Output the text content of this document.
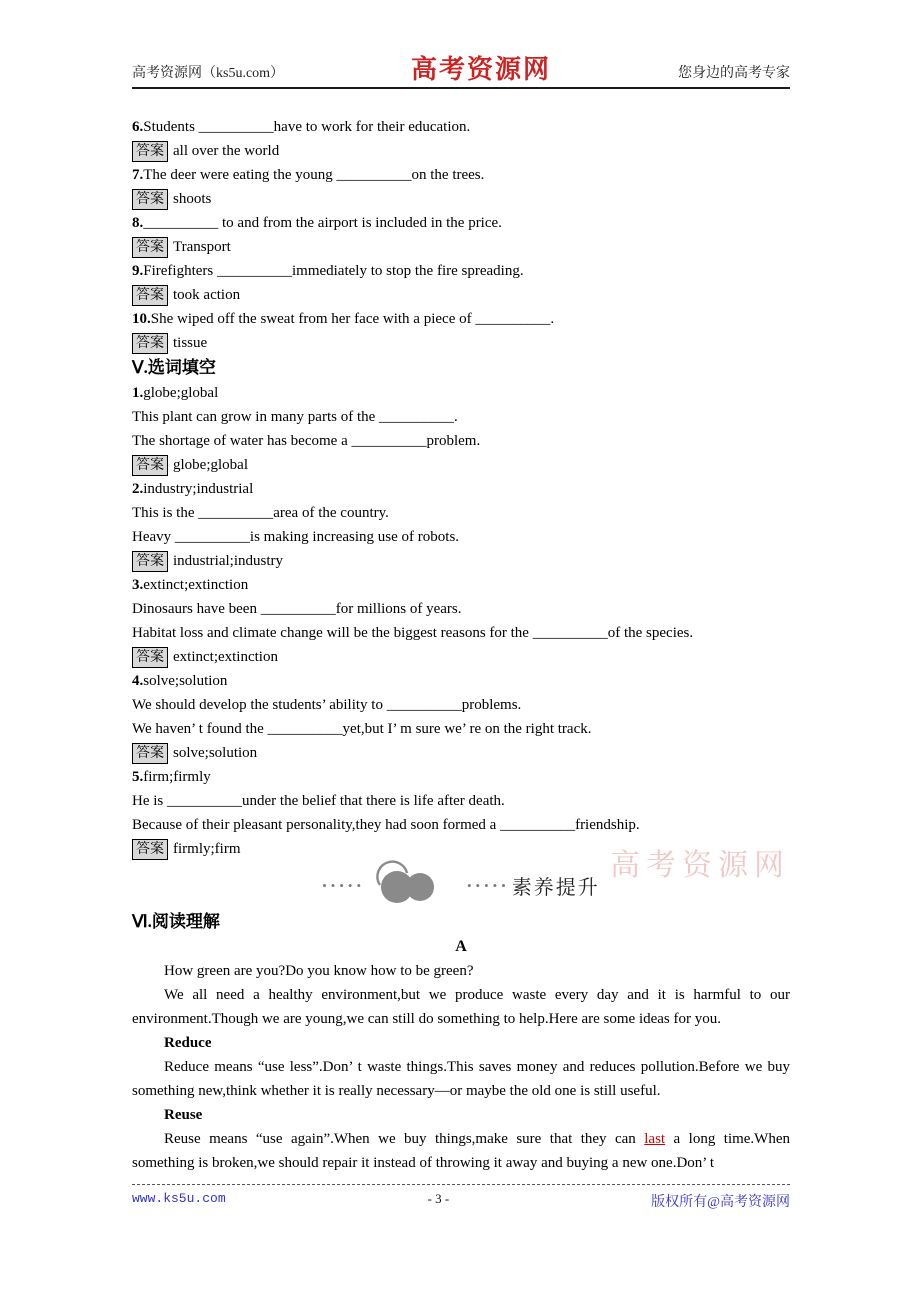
高考资源网（ks5u.com）	高考资源网	您身边的高考专家
6.Students __________have to work for their education.
答案 all over the world
7.The deer were eating the young __________on the trees.
答案 shoots
8.__________ to and from the airport is included in the price.
答案 Transport
9.Firefighters __________immediately to stop the fire spreading.
答案 took action
10.She wiped off the sweat from her face with a piece of __________.
答案 tissue
Ⅴ.选词填空
1.globe;global
This plant can grow in many parts of the __________.
The shortage of water has become a __________problem.
答案 globe;global
2.industry;industrial
This is the __________area of the country.
Heavy __________is making increasing use of robots.
答案 industrial;industry
3.extinct;extinction
Dinosaurs have been __________for millions of years.
Habitat loss and climate change will be the biggest reasons for the __________of the species.
答案 extinct;extinction
4.solve;solution
We should develop the students’ ability to __________problems.
We haven’ t found the __________yet,but I’ m sure we’ re on the right track.
答案 solve;solution
5.firm;firmly
He is __________under the belief that there is life after death.
Because of their pleasant personality,they had soon formed a __________friendship.
答案 firmly;firm
•••••	••••• 素养提升
Ⅵ.阅读理解
A

How green are you?Do you know how to be green?

We all need a healthy environment,but we produce waste every day and it is harmful to our environment.Though we are young,we can still do something to help.Here are some ideas for you.

Reduce

Reduce means “use less”.Don’ t waste things.This saves money and reduces pollution.Before we buy something new,think whether it is really necessary—or maybe the old one is still useful.

Reuse

Reuse means “use again”.When we buy things,make sure that they can last a long time.When something is broken,we should repair it instead of throwing it away and buying a new one.Don’ t

高考资源网
www.ks5u.com	- 3 -	版权所有@高考资源网
